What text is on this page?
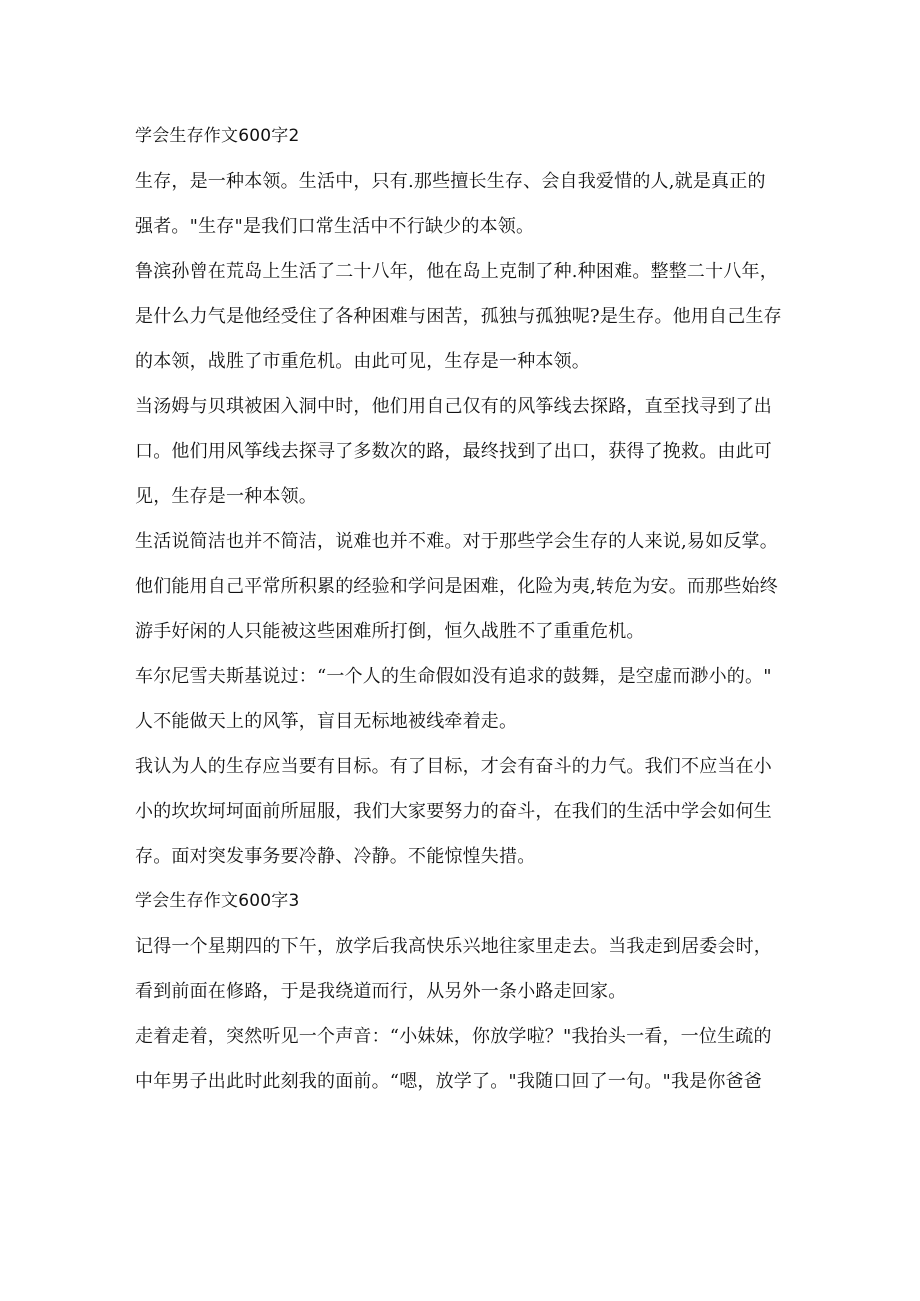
学会生存作文600字2
生存，是一种本领。生活中，只有.那些擅长生存、会自我爱惜的人,就是真正的
强者。"生存"是我们口常生活中不行缺少的本领。
鲁滨孙曾在荒岛上生活了二十八年，他在岛上克制了种.种困难。整整二十八年，
是什么力气是他经受住了各种困难与困苦，孤独与孤独呢?是生存。他用自己生存
的本领，战胜了市重危机。由此可见，生存是一种本领。
当汤姆与贝琪被困入洞中时，他们用自己仅有的风筝线去探路，直至找寻到了出
口。他们用风筝线去探寻了多数次的路，最终找到了出口，获得了挽救。由此可
见，生存是一种本领。
生活说简洁也并不简洁，说难也并不难。对于那些学会生存的人来说,易如反掌。
他们能用自己平常所积累的经验和学问是困难，化险为夷,转危为安。而那些始终
游手好闲的人只能被这些困难所打倒，恒久战胜不了重重危机。
车尔尼雪夫斯基说过：“一个人的生命假如没有追求的鼓舞，是空虚而渺小的。"
人不能做天上的风筝，盲目无标地被线牵着走。
我认为人的生存应当要有目标。有了目标，才会有奋斗的力气。我们不应当在小
小的坎坎坷坷面前所屈服，我们大家要努力的奋斗，在我们的生活中学会如何生
存。面对突发事务要冷静、冷静。不能惊惶失措。
学会生存作文600字3
记得一个星期四的下午，放学后我高快乐兴地往家里走去。当我走到居委会时，
看到前面在修路，于是我绕道而行，从另外一条小路走回家。
走着走着，突然听见一个声音：“小妹妹，你放学啦？"我抬头一看，一位生疏的
中年男子出此时此刻我的面前。“嗯，放学了。"我随口回了一句。"我是你爸爸
